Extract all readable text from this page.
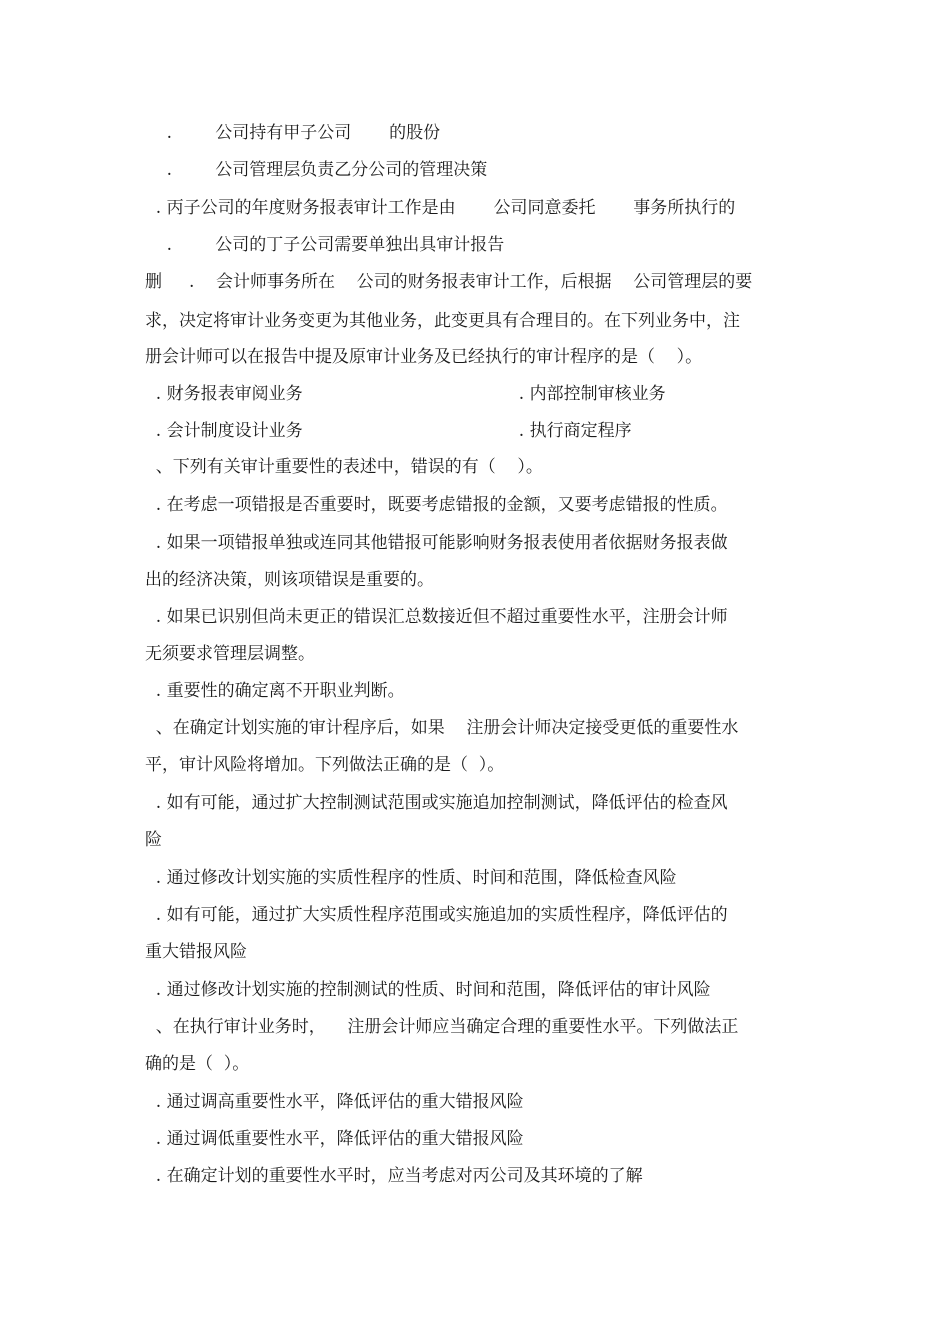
.        公司持有甲子公司       的股份
.        公司管理层负责乙分公司的管理决策
. 丙子公司的年度财务报表审计工作是由       公司同意委托       事务所执行的
.        公司的丁子公司需要单独出具审计报告
删     .    会计师事务所在    公司的财务报表审计工作，后根据    公司管理层的要
求，决定将审计业务变更为其他业务，此变更具有合理目的。在下列业务中，注
册会计师可以在报告中提及原审计业务及已经执行的审计程序的是（    ）。
. 财务报表审阅业务                                        . 内部控制审核业务
. 会计制度设计业务                                        . 执行商定程序
、下列有关审计重要性的表述中，错误的有（    ）。
. 在考虑一项错报是否重要时，既要考虑错报的金额，又要考虑错报的性质。
. 如果一项错报单独或连同其他错报可能影响财务报表使用者依据财务报表做
出的经济决策，则该项错误是重要的。
. 如果已识别但尚未更正的错误汇总数接近但不超过重要性水平，注册会计师
无须要求管理层调整。
. 重要性的确定离不开职业判断。
、在确定计划实施的审计程序后，如果    注册会计师决定接受更低的重要性水
平，审计风险将增加。下列做法正确的是（  ）。
. 如有可能，通过扩大控制测试范围或实施追加控制测试，降低评估的检查风
险
. 通过修改计划实施的实质性程序的性质、时间和范围，降低检查风险
. 如有可能，通过扩大实质性程序范围或实施追加的实质性程序，降低评估的
重大错报风险
. 通过修改计划实施的控制测试的性质、时间和范围，降低评估的审计风险
、在执行审计业务时，    注册会计师应当确定合理的重要性水平。下列做法正
确的是（  ）。
. 通过调高重要性水平，降低评估的重大错报风险
. 通过调低重要性水平，降低评估的重大错报风险
. 在确定计划的重要性水平时，应当考虑对丙公司及其环境的了解
